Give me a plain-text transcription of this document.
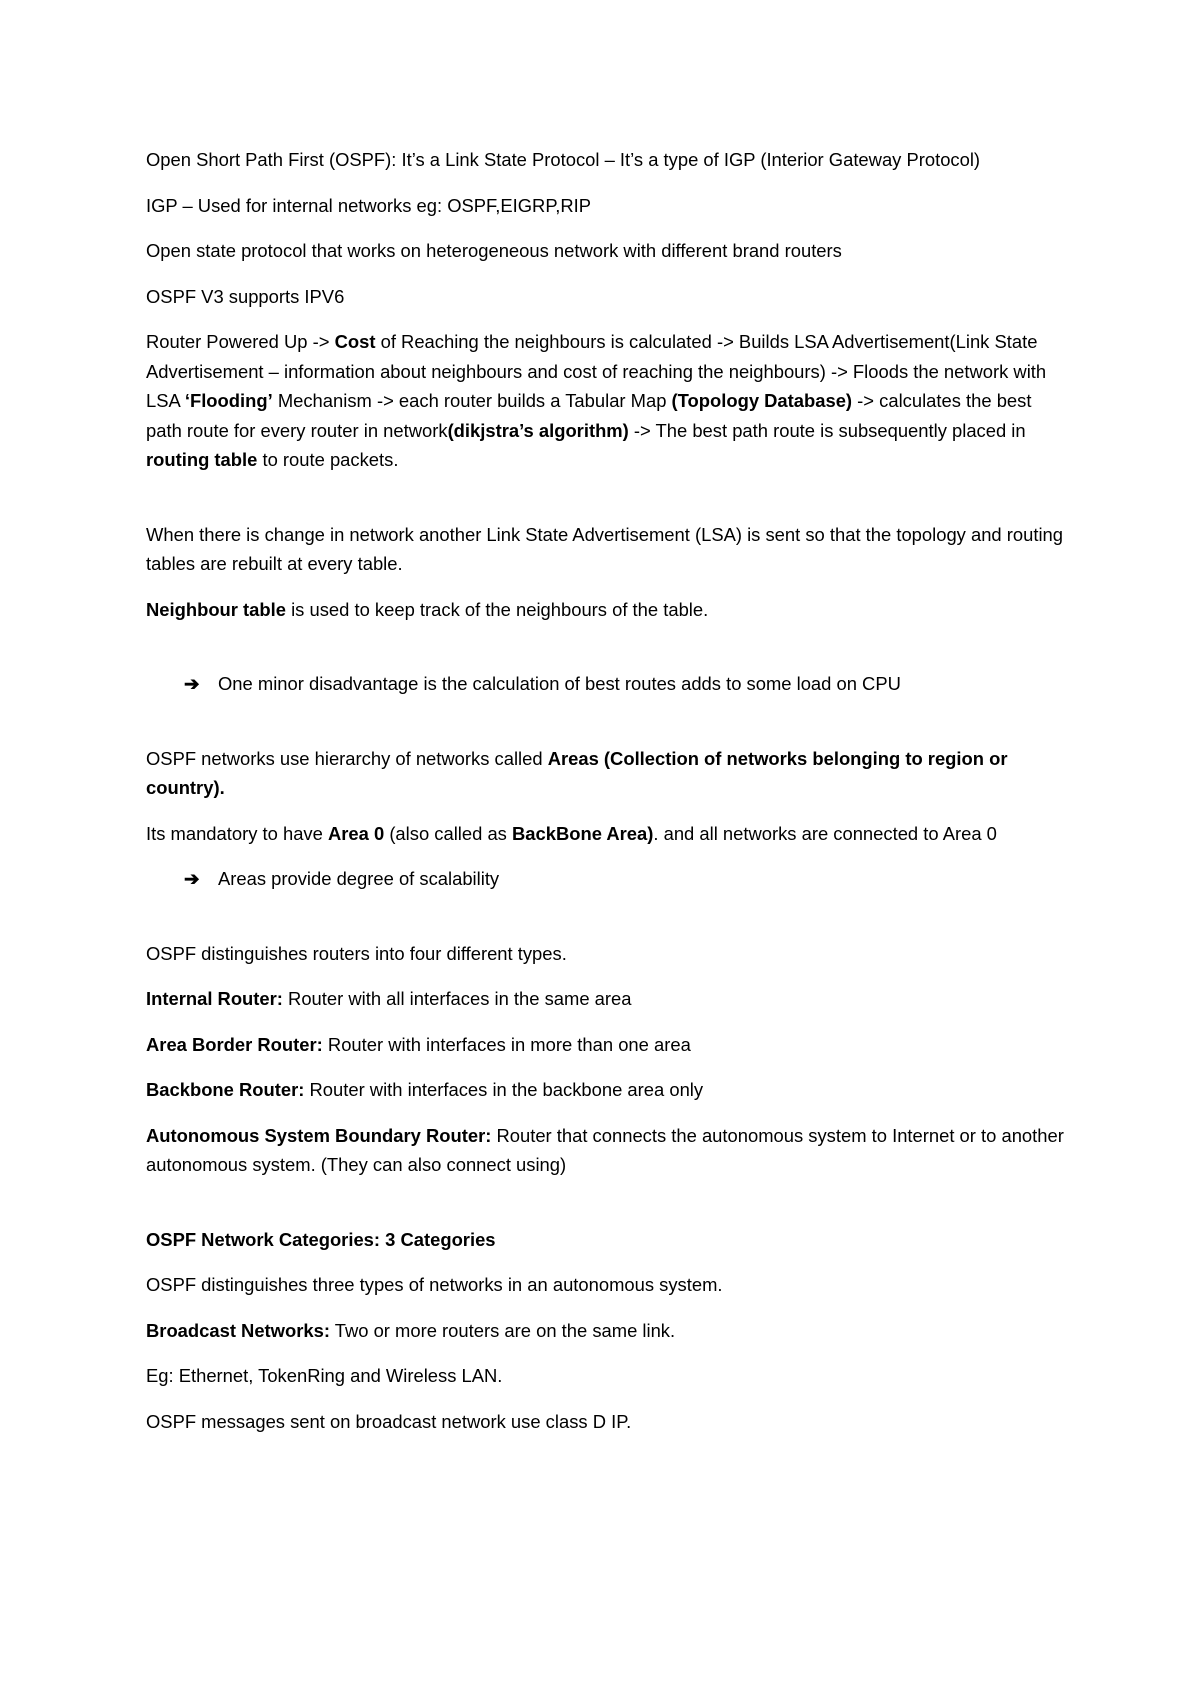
Open Short Path First (OSPF): It’s a Link State Protocol – It’s a type of IGP (Interior Gateway Protocol)

IGP – Used for internal networks eg: OSPF,EIGRP,RIP

Open state protocol that works on heterogeneous network with different brand routers

OSPF V3 supports IPV6

Router Powered Up -> Cost of Reaching the neighbours is calculated -> Builds LSA Advertisement(Link State Advertisement – information about neighbours and cost of reaching the neighbours) -> Floods the network with LSA ‘Flooding’ Mechanism -> each router builds a Tabular Map (Topology Database) -> calculates the best path route for every router in network(dikjstra’s algorithm) -> The best path route is subsequently placed in routing table to route packets.

When there is change in network another Link State Advertisement (LSA) is sent so that the topology and routing tables are rebuilt at every table.

Neighbour table is used to keep track of the neighbours of the table.

➔	One minor disadvantage is the calculation of best routes adds to some load on CPU

OSPF networks use hierarchy of networks called Areas (Collection of networks belonging to region or country).

Its mandatory to have Area 0 (also called as BackBone Area). and all networks are connected to Area 0

➔	Areas provide degree of scalability

OSPF distinguishes routers into four different types.

Internal Router: Router with all interfaces in the same area

Area Border Router: Router with interfaces in more than one area

Backbone Router: Router with interfaces in the backbone area only

Autonomous System Boundary Router: Router that connects the autonomous system to Internet or to another autonomous system. (They can also connect using)

OSPF Network Categories: 3 Categories

OSPF distinguishes three types of networks in an autonomous system.

Broadcast Networks: Two or more routers are on the same link.

Eg: Ethernet, TokenRing and Wireless LAN.

OSPF messages sent on broadcast network use class D IP.
